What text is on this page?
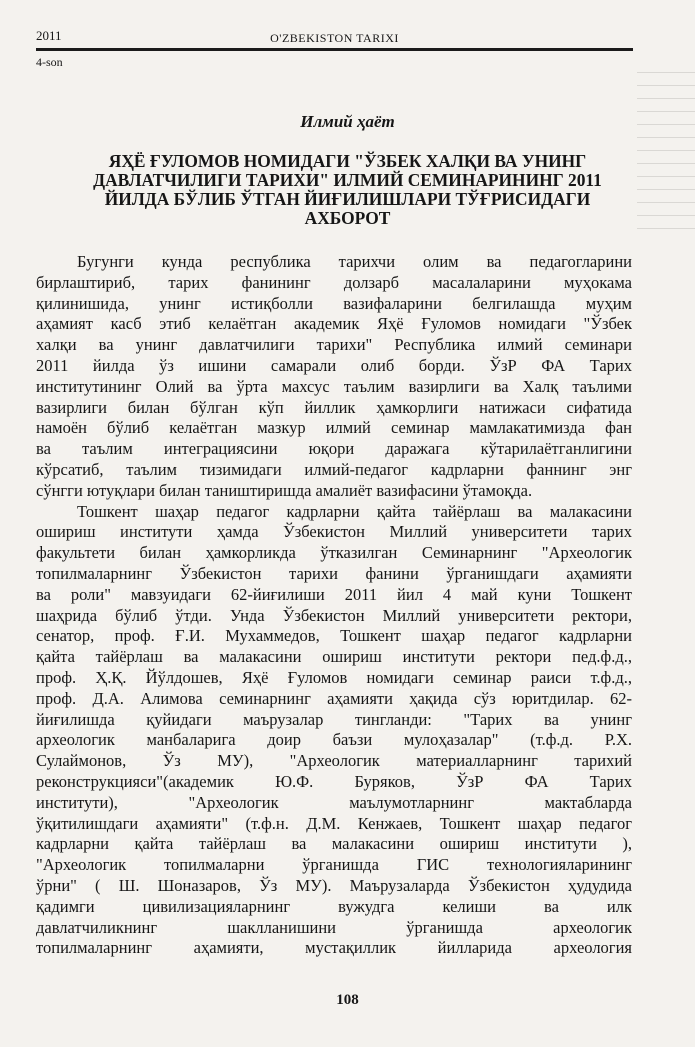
2011	O'ZBEKISTON TARIXI
4-son
Илмий ҳаёт
ЯҲЁ ҒУЛОМОВ НОМИДАГИ "ЎЗБЕК ХАЛҚИ ВА УНИНГ
ДАВЛАТЧИЛИГИ ТАРИХИ" ИЛМИЙ СЕМИНАРИНИНГ 2011
ЙИЛДА БЎЛИБ ЎТГАН ЙИҒИЛИШЛАРИ ТЎҒРИСИДАГИ
АХБОРОТ
Бугунги кунда республика тарихчи олим ва педагогларини
бирлаштириб, тарих фанининг долзарб масалаларини муҳокама
қилинишида, унинг истиқболли вазифаларини белгилашда муҳим
аҳамият касб этиб келаётган академик Яҳё Ғуломов номидаги "Ўзбек
халқи ва унинг давлатчилиги тарихи" Республика илмий семинари
2011 йилда ўз ишини самарали олиб борди. ЎзР ФА Тарих
институтининг Олий ва ўрта махсус таълим вазирлиги ва Халқ таълими
вазирлиги билан бўлган кўп йиллик ҳамкорлиги натижаси сифатида
намоён бўлиб келаётган мазкур илмий семинар мамлакатимизда фан
ва таълим интеграциясини юқори даражага кўтарилаётганлигини
кўрсатиб, таълим тизимидаги илмий-педагог кадрларни фаннинг энг
сўнгги ютуқлари билан таништиришда амалиёт вазифасини ўтамоқда.
Тошкент шаҳар педагог кадрларни қайта тайёрлаш ва малакасини
ошириш институти ҳамда Ўзбекистон Миллий университети тарих
факультети билан ҳамкорликда ўтказилган Семинарнинг "Археологик
топилмаларнинг Ўзбекистон тарихи фанини ўрганишдаги аҳамияти
ва роли" мавзуидаги 62-йиғилиши 2011 йил 4 май куни Тошкент
шаҳрида бўлиб ўтди. Унда Ўзбекистон Миллий университети ректори,
сенатор, проф. Ғ.И. Мухаммедов, Тошкент шаҳар педагог кадрларни
қайта тайёрлаш ва малакасини ошириш институти ректори пед.ф.д.,
проф. Ҳ.Қ. Йўлдошев, Яҳё Ғуломов номидаги семинар раиси т.ф.д.,
проф. Д.А. Алимова семинарнинг аҳамияти ҳақида сўз юритдилар. 62-
йиғилишда қуйидаги маърузалар тингланди: "Тарих ва унинг
археологик манбаларига доир баъзи мулоҳазалар" (т.ф.д. Р.Х.
Сулаймонов, Ўз МУ), "Археологик материалларнинг тарихий
реконструкцияси"(академик Ю.Ф. Буряков, ЎзР ФА Тарих
институти), "Археологик маълумотларнинг мактабларда
ўқитилишдаги аҳамияти" (т.ф.н. Д.М. Кенжаев, Тошкент шаҳар педагог
кадрларни қайта тайёрлаш ва малакасини ошириш институти ),
"Археологик топилмаларни ўрганишда ГИС технологияларининг
ўрни" ( Ш. Шоназаров, Ўз МУ). Маърузаларда Ўзбекистон ҳудудида
қадимги цивилизацияларнинг вужудга келиши ва илк
давлатчиликнинг шаклланишини ўрганишда археологик
топилмаларнинг аҳамияти, мустақиллик йилларида археология
108
